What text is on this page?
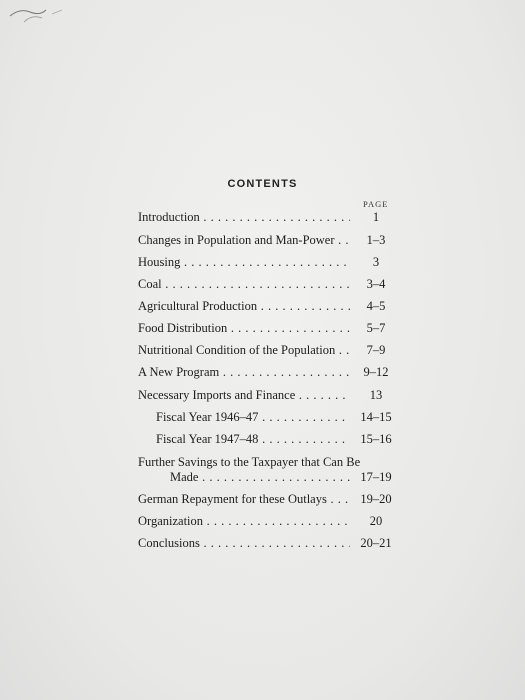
CONTENTS
PAGE
Introduction . . .	1
Changes in Population and Man-Power . . .	1–3
Housing . . .	3
Coal . . .	3–4
Agricultural Production . . .	4–5
Food Distribution . . .	5–7
Nutritional Condition of the Population . . .	7–9
A New Program . . .	9–12
Necessary Imports and Finance . . .	13
Fiscal Year 1946–47 . . .	14–15
Fiscal Year 1947–48 . . .	15–16
Further Savings to the Taxpayer that Can Be
Made . . .	17–19
German Repayment for these Outlays . . .	19–20
Organization . . .	20
Conclusions . . .	20–21
